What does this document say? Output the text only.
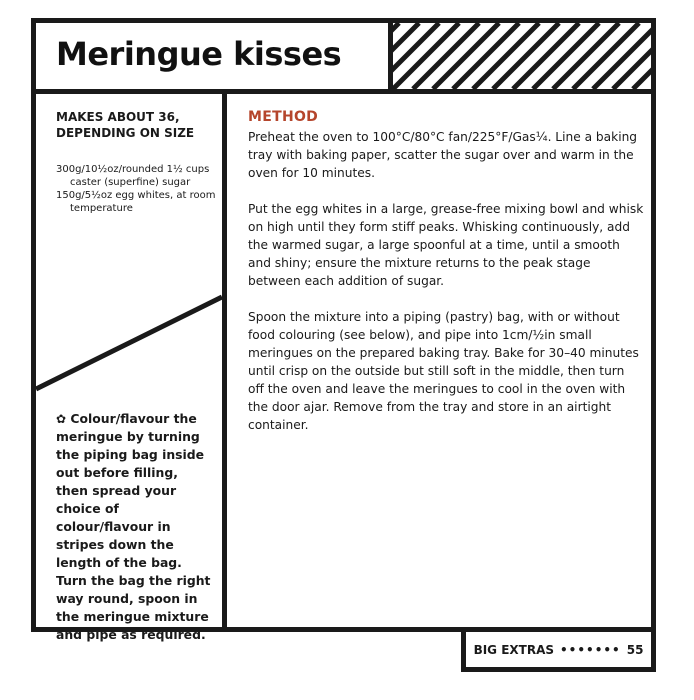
Meringue kisses

MAKES ABOUT 36, DEPENDING ON SIZE

300g/10½oz/rounded 1½ cups caster (superfine) sugar
150g/5½oz egg whites, at room temperature

✿ Colour/flavour the meringue by turning the piping bag inside out before filling, then spread your choice of colour/flavour in stripes down the length of the bag. Turn the bag the right way round, spoon in the meringue mixture and pipe as required.

METHOD

Preheat the oven to 100°C/80°C fan/225°F/Gas¼. Line a baking tray with baking paper, scatter the sugar over and warm in the oven for 10 minutes.

Put the egg whites in a large, grease-free mixing bowl and whisk on high until they form stiff peaks. Whisking continuously, add the warmed sugar, a large spoonful at a time, until a smooth and shiny; ensure the mixture returns to the peak stage between each addition of sugar.

Spoon the mixture into a piping (pastry) bag, with or without food colouring (see below), and pipe into 1cm/½in small meringues on the prepared baking tray. Bake for 30–40 minutes until crisp on the outside but still soft in the middle, then turn off the oven and leave the meringues to cool in the oven with the door ajar. Remove from the tray and store in an airtight container.

BIG EXTRAS ••••••• 55
